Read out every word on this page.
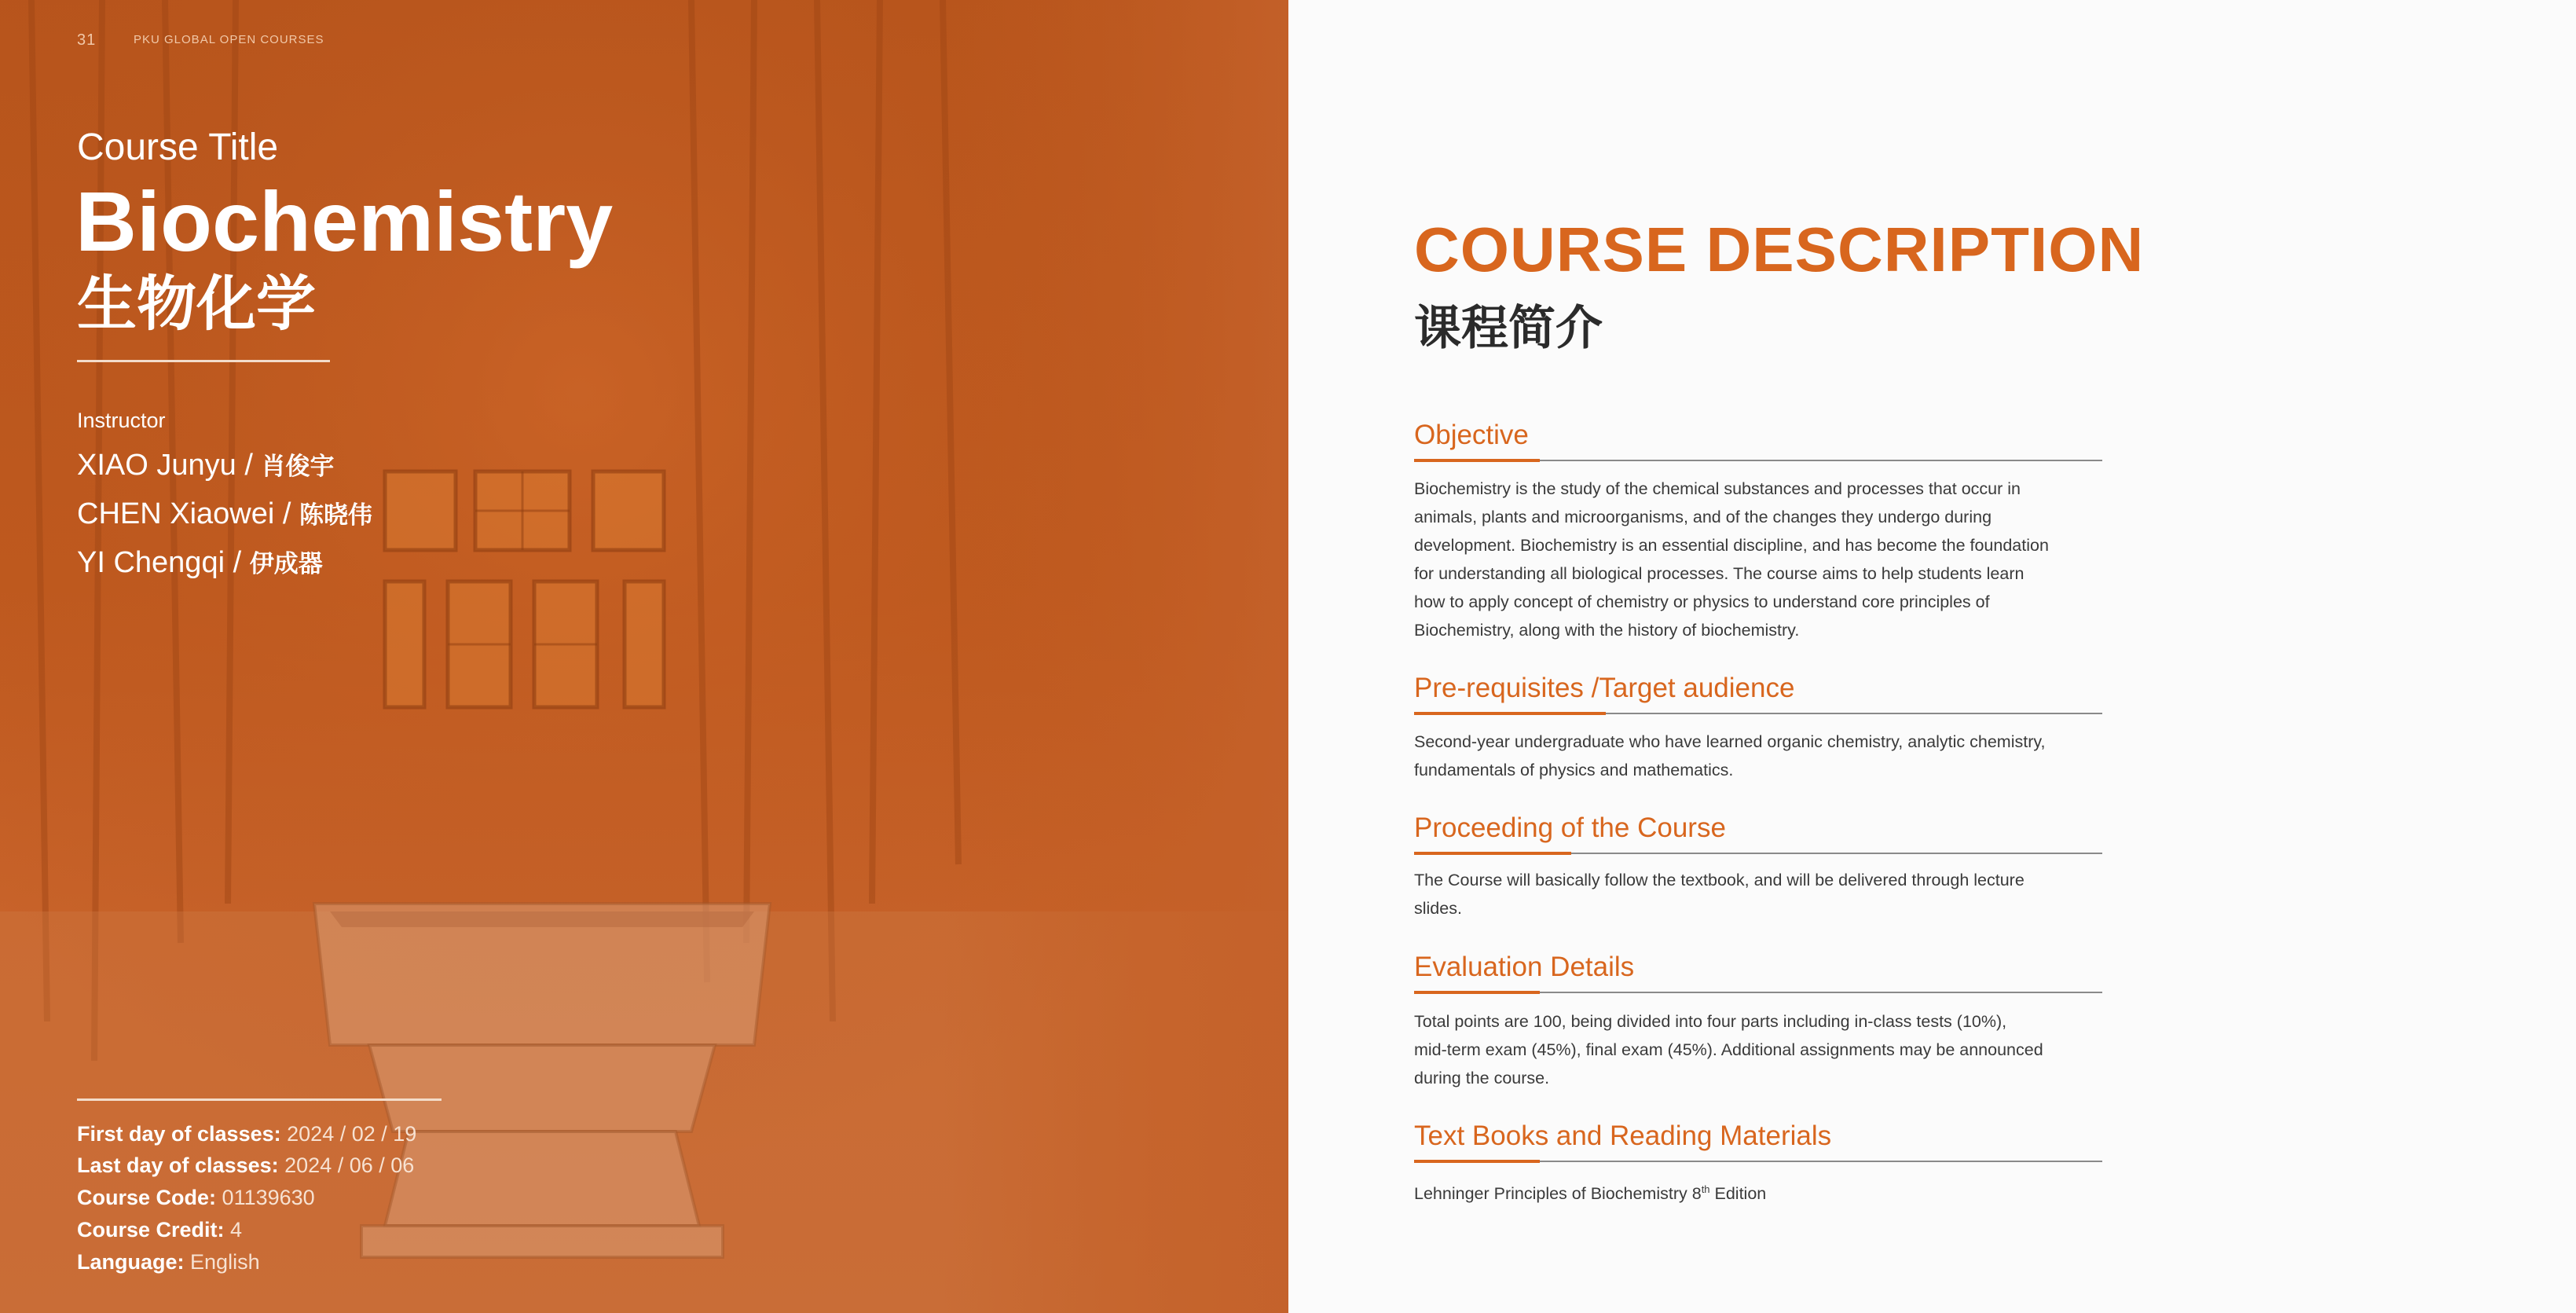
31	PKU GLOBAL OPEN COURSES
Course Title
Biochemistry
生物化学
Instructor
XIAO Junyu / 肖俊宇
CHEN Xiaowei / 陈晓伟
YI Chengqi / 伊成器
First day of classes: 2024 / 02 / 19
Last day of classes: 2024 / 06 / 06
Course Code: 01139630
Course Credit: 4
Language: English
COURSE DESCRIPTION
课程简介
Objective
Biochemistry is the study of the chemical substances and processes that occur in
animals, plants and microorganisms, and of the changes they undergo during
development. Biochemistry is an essential discipline, and has become the foundation
for understanding all biological processes. The course aims to help students learn
how to apply concept of chemistry or physics to understand core principles of
Biochemistry, along with the history of biochemistry.
Pre-requisites /Target audience
Second-year undergraduate who have learned organic chemistry, analytic chemistry,
fundamentals of physics and mathematics.
Proceeding of the Course
The Course will basically follow the textbook, and will be delivered through lecture
slides.
Evaluation Details
Total points are 100, being divided into four parts including in-class tests (10%),
mid-term exam (45%), final exam (45%). Additional assignments may be announced
during the course.
Text Books and Reading Materials
Lehninger Principles of Biochemistry 8th Edition
